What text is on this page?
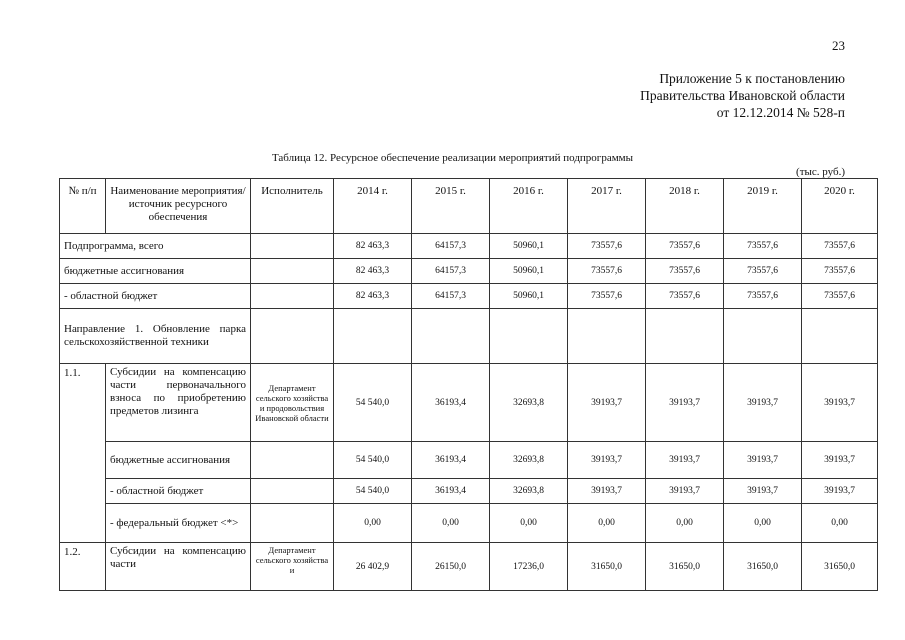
23
Приложение 5 к постановлению
Правительства Ивановской области
от 12.12.2014 № 528-п
Таблица 12. Ресурсное обеспечение реализации мероприятий подпрограммы
(тыс. руб.)
№ п/п	Наименование мероприятия/источник ресурсного обеспечения	Исполнитель	2014 г.	2015 г.	2016 г.	2017 г.	2018 г.	2019 г.	2020 г.
Подпрограмма, всего			82 463,3	64157,3	50960,1	73557,6	73557,6	73557,6	73557,6
бюджетные ассигнования			82 463,3	64157,3	50960,1	73557,6	73557,6	73557,6	73557,6
- областной бюджет			82 463,3	64157,3	50960,1	73557,6	73557,6	73557,6	73557,6
Направление 1. Обновление парка сельскохозяйственной техники									
1.1.	Субсидии на компенсацию части первоначального взноса по приобретению предметов лизинга	Департамент сельского хозяйства и продовольствия Ивановской области	54 540,0	36193,4	32693,8	39193,7	39193,7	39193,7	39193,7
	бюджетные ассигнования		54 540,0	36193,4	32693,8	39193,7	39193,7	39193,7	39193,7
	- областной бюджет		54 540,0	36193,4	32693,8	39193,7	39193,7	39193,7	39193,7
	- федеральный бюджет <*>		0,00	0,00	0,00	0,00	0,00	0,00	0,00
1.2.	Субсидии на компенсацию части	Департамент сельского хозяйства и	26 402,9	26150,0	17236,0	31650,0	31650,0	31650,0	31650,0
